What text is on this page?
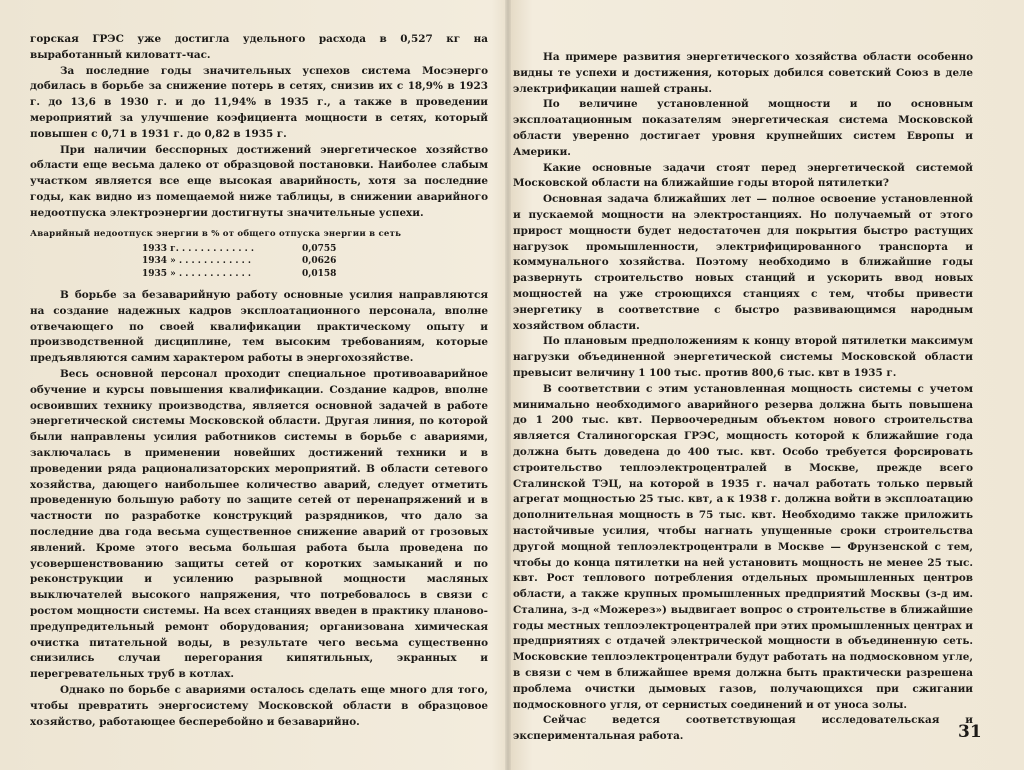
горская ГРЭС уже достигла удельного расхода в 0,527 кг на выработанный киловатт-час.

За последние годы значительных успехов система Мосэнерго добилась в борьбе за снижение потерь в сетях, снизив их с 18,9% в 1923 г. до 13,6 в 1930 г. и до 11,94% в 1935 г., а также в проведении мероприятий за улучшение коэфициента мощности в сетях, который повышен с 0,71 в 1931 г. до 0,82 в 1935 г.

При наличии бесспорных достижений энергетическое хозяйство области еще весьма далеко от образцовой постановки. Наиболее слабым участком является все еще высокая аварийность, хотя за последние годы, как видно из помещаемой ниже таблицы, в снижении аварийного недоотпуска электроэнергии достигнуты значительные успехи.

Аварийный недоотпуск энергии в % от общего отпуска энергии в сеть
1933 г. . . . . . . . . . . . .	0,0755
1934 » . . . . . . . . . . . .	0,0626
1935 » . . . . . . . . . . . .	0,0158

В борьбе за безаварийную работу основные усилия направляются на создание надежных кадров эксплоатационного персонала, вполне отвечающего по своей квалификации практическому опыту и производственной дисциплине, тем высоким требованиям, которые предъявляются самим характером работы в энергохозяйстве.

Весь основной персонал проходит специальное противоаварийное обучение и курсы повышения квалификации. Создание кадров, вполне освоивших технику производства, является основной задачей в работе энергетической системы Московской области. Другая линия, по которой были направлены усилия работников системы в борьбе с авариями, заключалась в применении новейших достижений техники и в проведении ряда рационализаторских мероприятий. В области сетевого хозяйства, дающего наибольшее количество аварий, следует отметить проведенную большую работу по защите сетей от перенапряжений и в частности по разработке конструкций разрядников, что дало за последние два года весьма существенное снижение аварий от грозовых явлений. Кроме этого весьма большая работа была проведена по усовершенствованию защиты сетей от коротких замыканий и по реконструкции и усилению разрывной мощности масляных выключателей высокого напряжения, что потребовалось в связи с ростом мощности системы. На всех станциях введен в практику планово-предупредительный ремонт оборудования; организована химическая очистка питательной воды, в результате чего весьма существенно снизились случаи перегорания кипятильных, экранных и перегревательных труб в котлах.

Однако по борьбе с авариями осталось сделать еще много для того, чтобы превратить энергосистему Московской области в образцовое хозяйство, работающее бесперебойно и безаварийно.

На примере развития энергетического хозяйства области особенно видны те успехи и достижения, которых добился советский Союз в деле электрификации нашей страны.

По величине установленной мощности и по основным эксплоатационным показателям энергетическая система Московской области уверенно достигает уровня крупнейших систем Европы и Америки.

Какие основные задачи стоят перед энергетической системой Московской области на ближайшие годы второй пятилетки?

Основная задача ближайших лет — полное освоение установленной и пускаемой мощности на электростанциях. Но получаемый от этого прирост мощности будет недостаточен для покрытия быстро растущих нагрузок промышленности, электрифицированного транспорта и коммунального хозяйства. Поэтому необходимо в ближайшие годы развернуть строительство новых станций и ускорить ввод новых мощностей на уже строющихся станциях с тем, чтобы привести энергетику в соответствие с быстро развивающимся народным хозяйством области.

По плановым предположениям к концу второй пятилетки максимум нагрузки объединенной энергетической системы Московской области превысит величину 1 100 тыс. против 800,6 тыс. квт в 1935 г.

В соответствии с этим установленная мощность системы с учетом минимально необходимого аварийного резерва должна быть повышена до 1 200 тыс. квт. Первоочередным объектом нового строительства является Сталиногорская ГРЭС, мощность которой к ближайшие года должна быть доведена до 400 тыс. квт. Особо требуется форсировать строительство теплоэлектроцентралей в Москве, прежде всего Сталинской ТЭЦ, на которой в 1935 г. начал работать только первый агрегат мощностью 25 тыс. квт, а к 1938 г. должна войти в эксплоатацию дополнительная мощность в 75 тыс. квт. Необходимо также приложить настойчивые усилия, чтобы нагнать упущенные сроки строительства другой мощной теплоэлектроцентрали в Москве — Фрунзенской с тем, чтобы до конца пятилетки на ней установить мощность не менее 25 тыс. квт. Рост теплового потребления отдельных промышленных центров области, а также крупных промышленных предприятий Москвы (з-д им. Сталина, з-д «Можерез») выдвигает вопрос о строительстве в ближайшие годы местных теплоэлектроцентралей при этих промышленных центрах и предприятиях с отдачей электрической мощности в объединенную сеть. Московские теплоэлектроцентрали будут работать на подмосковном угле, в связи с чем в ближайшее время должна быть практически разрешена проблема очистки дымовых газов, получающихся при сжигании подмосковного угля, от сернистых соединений и от уноса золы.

Сейчас ведется соответствующая исследовательская и экспериментальная работа.	31
